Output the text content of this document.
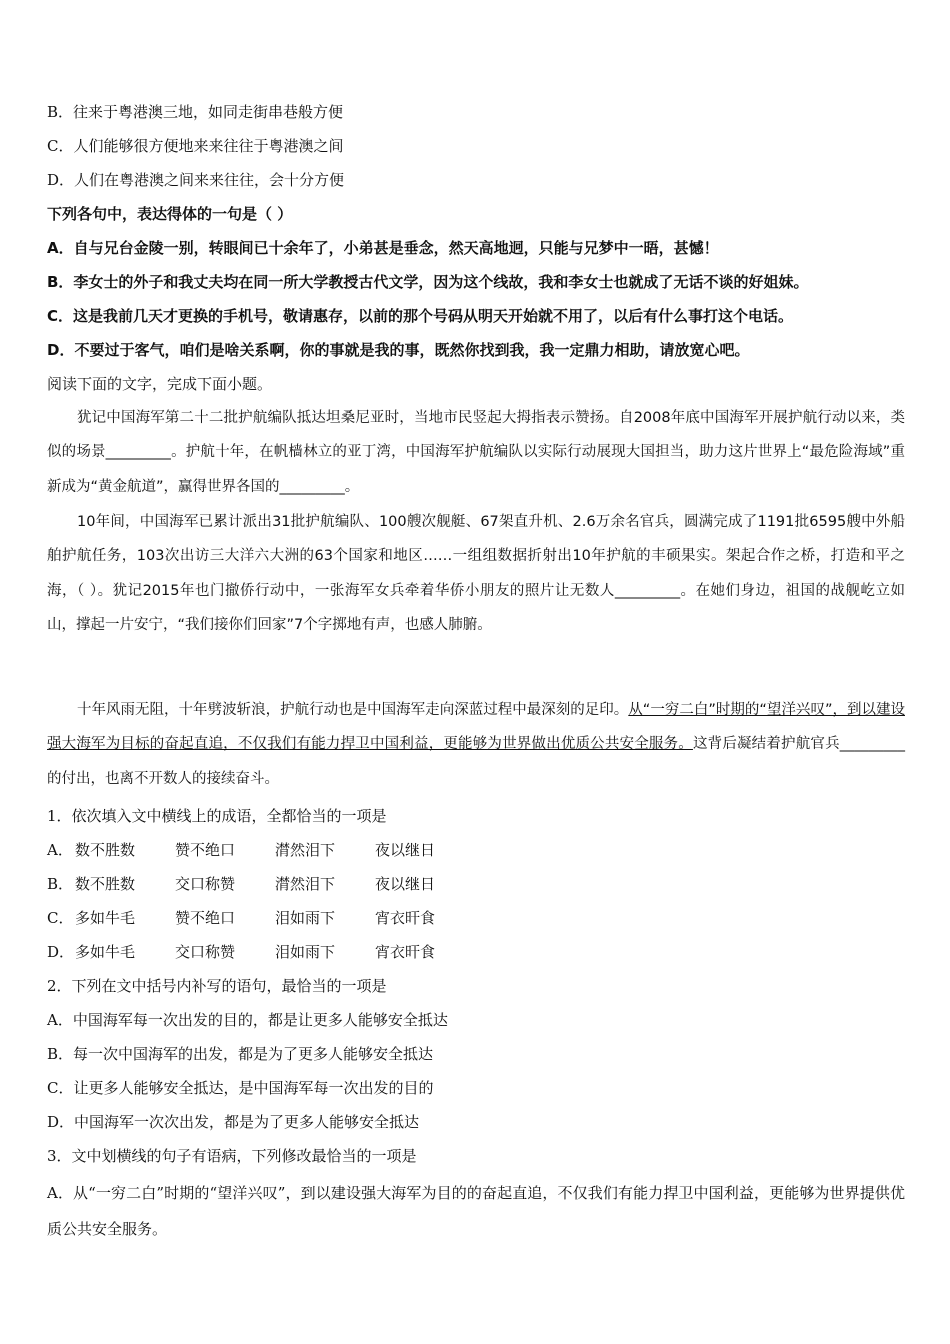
B．往来于粤港澳三地，如同走街串巷般方便
C．人们能够很方便地来来往往于粤港澳之间
D．人们在粤港澳之间来来往往，会十分方便
下列各句中，表达得体的一句是（ ）
A．自与兄台金陵一别，转眼间已十余年了，小弟甚是垂念，然天高地迥，只能与兄梦中一晤，甚憾！
B．李女士的外子和我丈夫均在同一所大学教授古代文学，因为这个线故，我和李女士也就成了无话不谈的好姐妹。
C．这是我前几天才更换的手机号，敬请惠存，以前的那个号码从明天开始就不用了，以后有什么事打这个电话。
D．不要过于客气，咱们是啥关系啊，你的事就是我的事，既然你找到我，我一定鼎力相助，请放宽心吧。
阅读下面的文字，完成下面小题。
犹记中国海军第二十二批护航编队抵达坦桑尼亚时，当地市民竖起大拇指表示赞扬。自2008年底中国海军开展护航行动以来，类似的场景_________。护航十年，在帆樯林立的亚丁湾，中国海军护航编队以实际行动展现大国担当，助力这片世界上“最危险海域”重新成为“黄金航道”，赢得世界各国的_________。
10年间，中国海军已累计派出31批护航编队、100艘次舰艇、67架直升机、2.6万余名官兵，圆满完成了1191批6595艘中外船舶护航任务，103次出访三大洋六大洲的63个国家和地区……一组组数据折射出10年护航的丰硕果实。架起合作之桥，打造和平之海，（ ）。犹记2015年也门撤侨行动中，一张海军女兵牵着华侨小朋友的照片让无数人_________。在她们身边，祖国的战舰屹立如山，撑起一片安宁，“我们接你们回家”7个字掷地有声，也感人肺腑。
十年风雨无阻，十年劈波斩浪，护航行动也是中国海军走向深蓝过程中最深刻的足印。从“一穷二白”时期的“望洋兴叹”，到以建设强大海军为目标的奋起直追，不仅我们有能力捍卫中国利益，更能够为世界做出优质公共安全服务。这背后凝结着护航官兵_________的付出，也离不开数人的接续奋斗。
1．依次填入文中横线上的成语，全都恰当的一项是
A． 数不胜数	赞不绝口	潸然泪下	夜以继日
B． 数不胜数	交口称赞	潸然泪下	夜以继日
C． 多如牛毛	赞不绝口	泪如雨下	宵衣旰食
D．多如牛毛	交口称赞	泪如雨下	宵衣旰食
2．下列在文中括号内补写的语句，最恰当的一项是
A．中国海军每一次出发的目的，都是让更多人能够安全抵达
B．每一次中国海军的出发，都是为了更多人能够安全抵达
C．让更多人能够安全抵达，是中国海军每一次出发的目的
D．中国海军一次次出发，都是为了更多人能够安全抵达
3．文中划横线的句子有语病，下列修改最恰当的一项是
A．从“一穷二白”时期的“望洋兴叹”，到以建设强大海军为目的的奋起直追，不仅我们有能力捍卫中国利益，更能够为世界提供优质公共安全服务。
